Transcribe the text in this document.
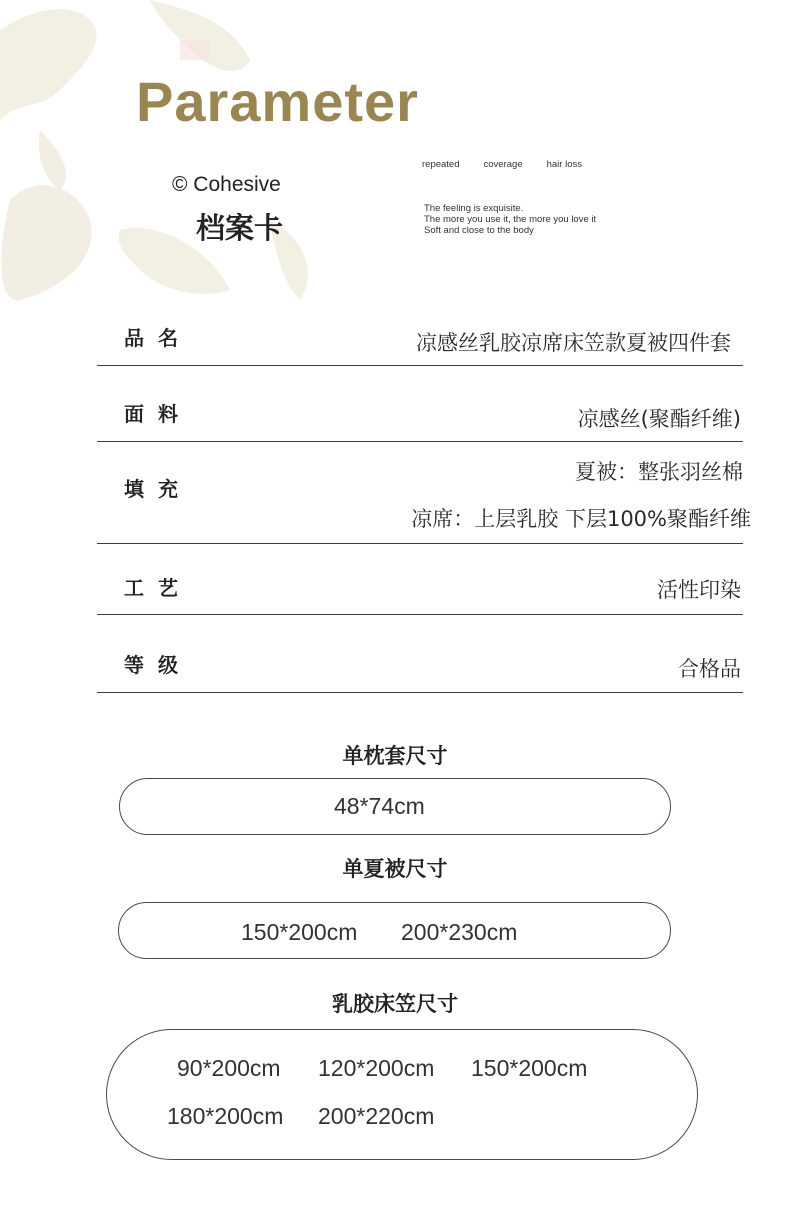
Parameter
© Cohesive
档案卡
repeated	coverage	hair loss
The feeling is exquisite.
The more you use it, the more you love it
Soft and close to the body
品名	凉感丝乳胶凉席床笠款夏被四件套
面料	凉感丝(聚酯纤维)
填充
夏被：整张羽丝棉
凉席：上层乳胶 下层100%聚酯纤维
工艺	活性印染
等级	合格品
单枕套尺寸
48*74cm
单夏被尺寸
150*200cm 200*230cm
乳胶床笠尺寸
90*200cm 120*200cm 150*200cm
180*200cm 200*220cm
